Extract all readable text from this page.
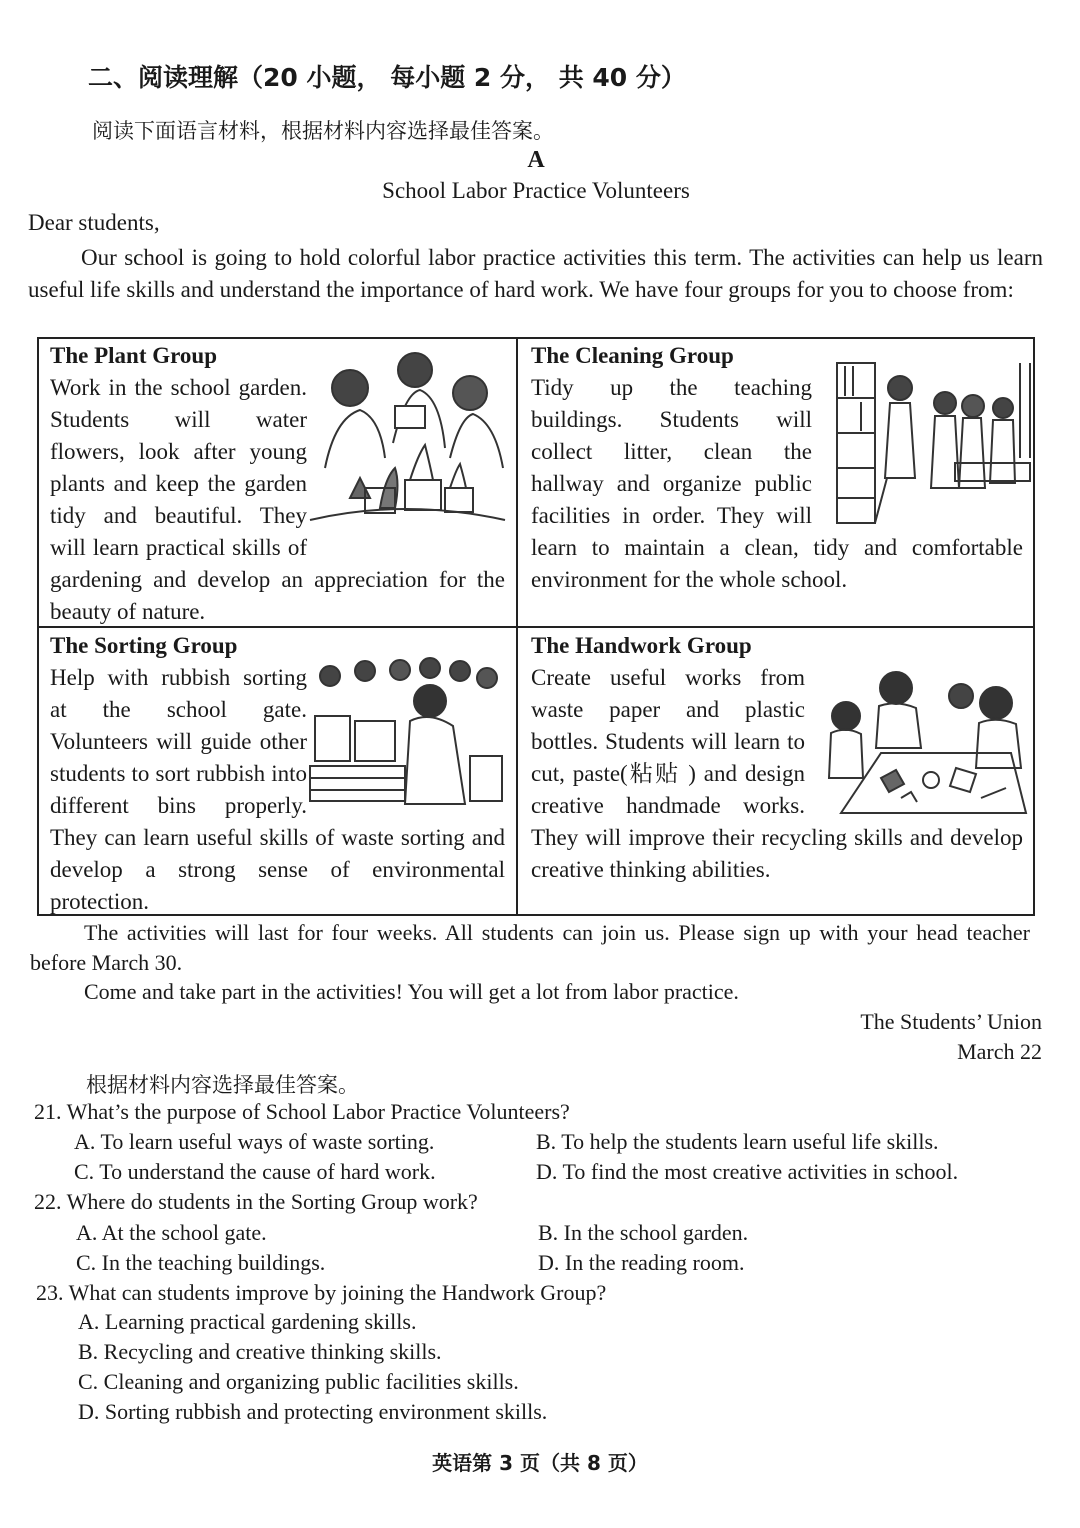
二、阅读理解（20 小题， 每小题 2 分， 共 40 分）
阅读下面语言材料，根据材料内容选择最佳答案。
A
School Labor Practice Volunteers
Dear students,
Our school is going to hold colorful labor practice activities this term. The activities can help us learn useful life skills and understand the importance of hard work. We have four groups for you to choose from:
The Plant Group
Work in the school garden. Students will water flowers, look after young plants and keep the garden tidy and beautiful. They will learn practical skills of gardening and develop an appreciation for the beauty of nature.
The Cleaning Group
Tidy up the teaching buildings. Students will collect litter, clean the hallway and organize public facilities in order. They will learn to maintain a clean, tidy and comfortable environment for the whole school.
The Sorting Group
Help with rubbish sorting at the school gate. Volunteers will guide other students to sort rubbish into different bins properly. They can learn useful skills of waste sorting and develop a strong sense of environmental protection.
The Handwork Group
Create useful works from waste paper and plastic bottles. Students will learn to cut, paste(粘贴 ) and design creative handmade works. They will improve their recycling skills and develop creative thinking abilities.
The activities will last for four weeks. All students can join us. Please sign up with your head teacher before March 30.
Come and take part in the activities! You will get a lot from labor practice.
The Students’ Union
March 22
根据材料内容选择最佳答案。
21. What’s the purpose of School Labor Practice Volunteers?
A. To learn useful ways of waste sorting.	B. To help the students learn useful life skills.
C. To understand the cause of hard work.	D. To find the most creative activities in school.
22. Where do students in the Sorting Group work?
A. At the school gate.	B. In the school garden.
C. In the teaching buildings.	D. In the reading room.
23. What can students improve by joining the Handwork Group?
A. Learning practical gardening skills.
B. Recycling and creative thinking skills.
C. Cleaning and organizing public facilities skills.
D. Sorting rubbish and protecting environment skills.
英语第 3 页（共 8 页）
